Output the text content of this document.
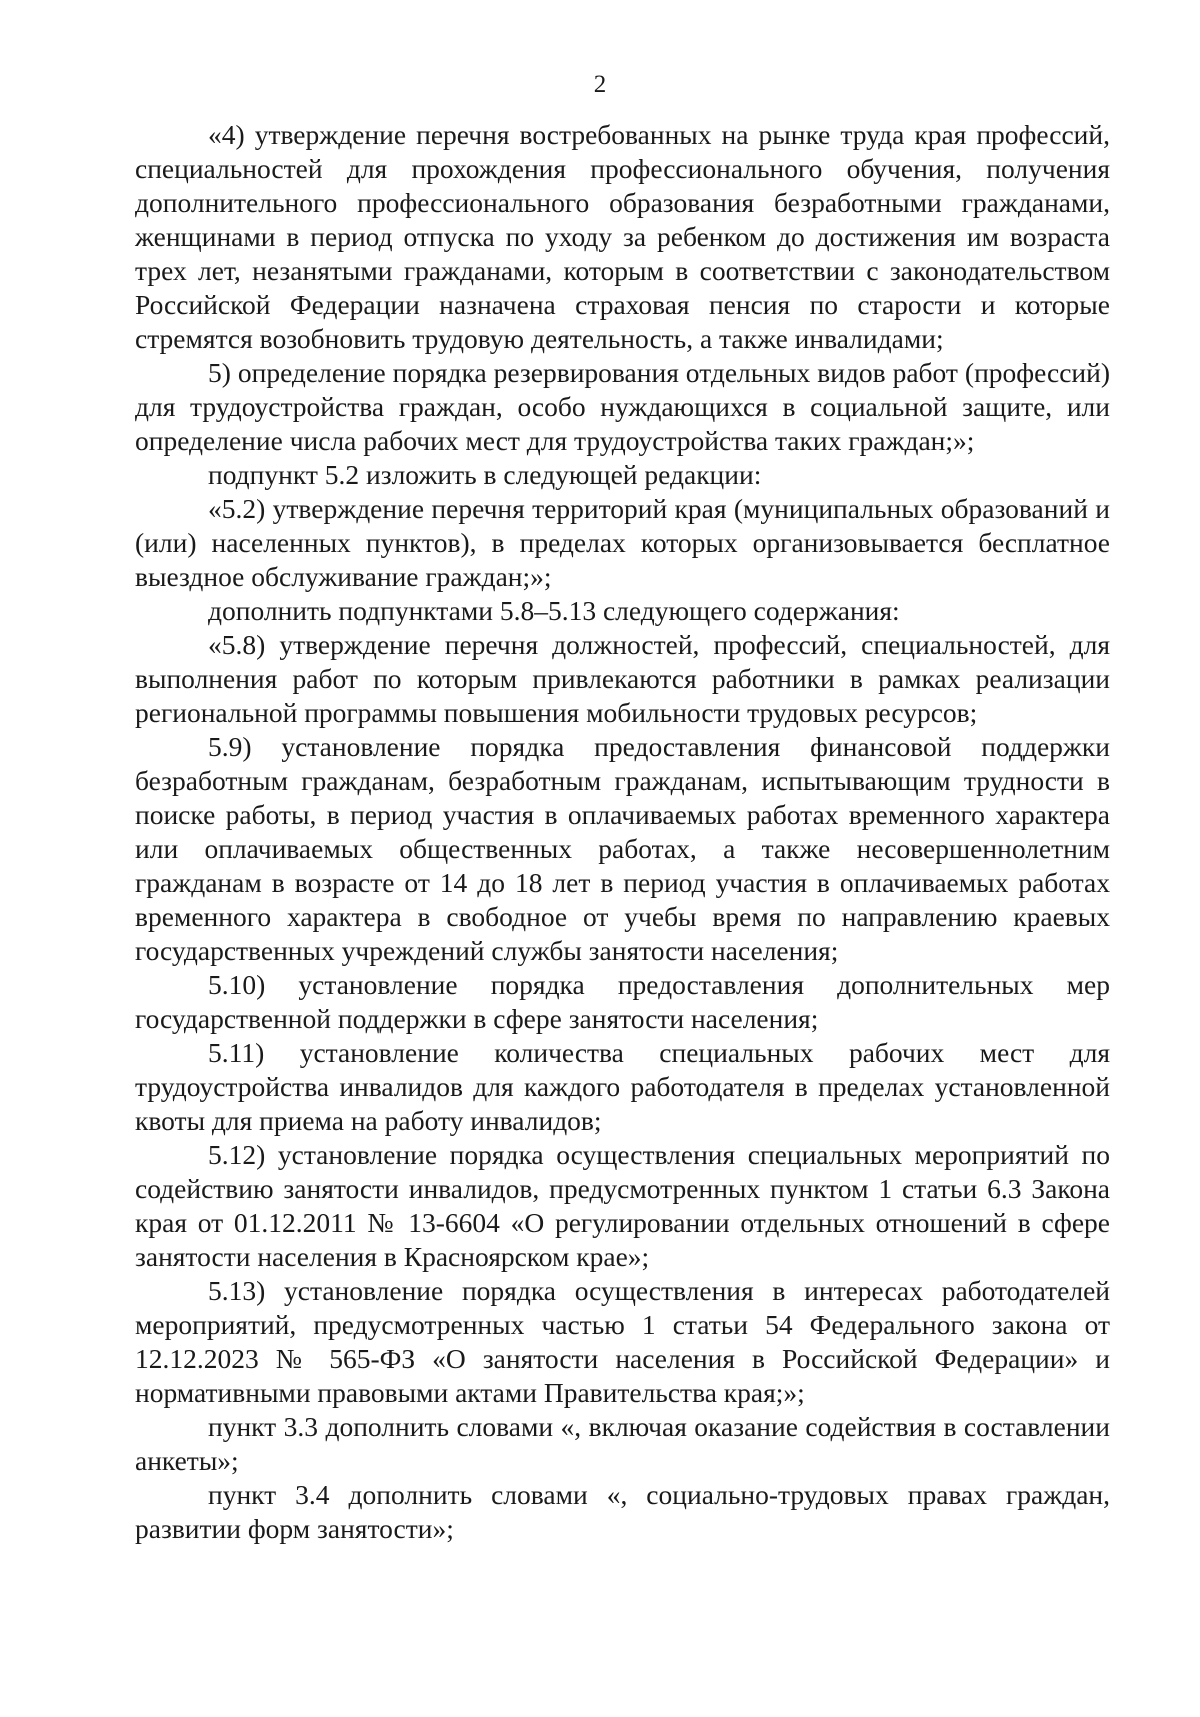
2

«4) утверждение перечня востребованных на рынке труда края профессий, специальностей для прохождения профессионального обучения, получения дополнительного профессионального образования безработными гражданами, женщинами в период отпуска по уходу за ребенком до достижения им возраста трех лет, незанятыми гражданами, которым в соответствии с законодательством Российской Федерации назначена страховая пенсия по старости и которые стремятся возобновить трудовую деятельность, а также инвалидами;

5) определение порядка резервирования отдельных видов работ (профессий) для трудоустройства граждан, особо нуждающихся в социальной защите, или определение числа рабочих мест для трудоустройства таких граждан;»;

подпункт 5.2 изложить в следующей редакции:

«5.2) утверждение перечня территорий края (муниципальных образований и (или) населенных пунктов), в пределах которых организовывается бесплатное выездное обслуживание граждан;»;

дополнить подпунктами 5.8–5.13 следующего содержания:

«5.8) утверждение перечня должностей, профессий, специальностей, для выполнения работ по которым привлекаются работники в рамках реализации региональной программы повышения мобильности трудовых ресурсов;

5.9) установление порядка предоставления финансовой поддержки безработным гражданам, безработным гражданам, испытывающим трудности в поиске работы, в период участия в оплачиваемых работах временного характера или оплачиваемых общественных работах, а также несовершеннолетним гражданам в возрасте от 14 до 18 лет в период участия в оплачиваемых работах временного характера в свободное от учебы время по направлению краевых государственных учреждений службы занятости населения;

5.10) установление порядка предоставления дополнительных мер государственной поддержки в сфере занятости населения;

5.11) установление количества специальных рабочих мест для трудоустройства инвалидов для каждого работодателя в пределах установленной квоты для приема на работу инвалидов;

5.12) установление порядка осуществления специальных мероприятий по содействию занятости инвалидов, предусмотренных пунктом 1 статьи 6.3 Закона края от 01.12.2011 № 13-6604 «О регулировании отдельных отношений в сфере занятости населения в Красноярском крае»;

5.13) установление порядка осуществления в интересах работодателей мероприятий, предусмотренных частью 1 статьи 54 Федерального закона от 12.12.2023 № 565-ФЗ «О занятости населения в Российской Федерации» и нормативными правовыми актами Правительства края;»;

пункт 3.3 дополнить словами «, включая оказание содействия в составлении анкеты»;

пункт 3.4 дополнить словами «, социально-трудовых правах граждан, развитии форм занятости»;
